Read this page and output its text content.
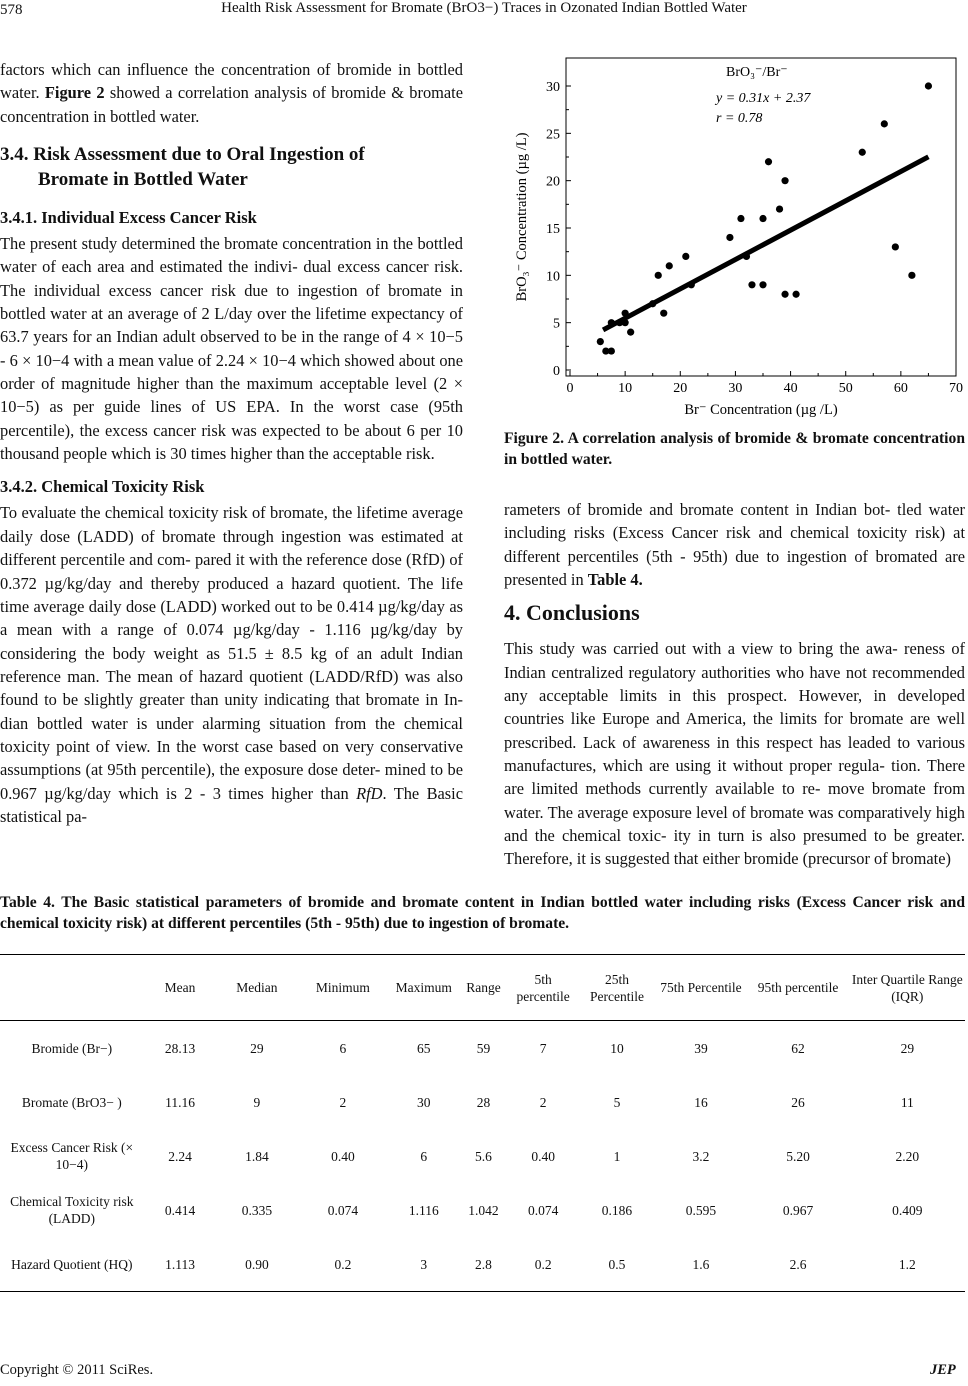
578	Health Risk Assessment for Bromate (BrO3−) Traces in Ozonated Indian Bottled Water

factors which can influence the concentration of bromide in bottled water. Figure 2 showed a correlation analysis of bromide & bromate concentration in bottled water.

3.4. Risk Assessment due to Oral Ingestion of
Bromate in Bottled Water
3.4.1. Individual Excess Cancer Risk

The present study determined the bromate concentration in the bottled water of each area and estimated the indivi- dual excess cancer risk. The individual excess cancer risk due to ingestion of bromate in bottled water at an average of 2 L/day over the lifetime expectancy of 63.7 years for an Indian adult observed to be in the range of 4 × 10−5 - 6 × 10−4 with a mean value of 2.24 × 10−4 which showed about one order of magnitude higher than the maximum acceptable level (2 × 10−5) as per guide lines of US EPA. In the worst case (95th percentile), the excess cancer risk was expected to be about 6 per 10 thousand people which is 30 times higher than the acceptable risk.

3.4.2. Chemical Toxicity Risk

To evaluate the chemical toxicity risk of bromate, the lifetime average daily dose (LADD) of bromate through ingestion was estimated at different percentile and com- pared it with the reference dose (RfD) of 0.372 µg/kg/day and thereby produced a hazard quotient. The life time average daily dose (LADD) worked out to be 0.414 µg/kg/day as a mean with a range of 0.074 µg/kg/day - 1.116 µg/kg/day by considering the body weight as 51.5 ± 8.5 kg of an adult Indian reference man. The mean of hazard quotient (LADD/RfD) was also found to be slightly greater than unity indicating that bromate in In- dian bottled water is under alarming situation from the chemical toxicity point of view. In the worst case based on very conservative assumptions (at 95th percentile), the exposure dose deter- mined to be 0.967 µg/kg/day which is 2 - 3 times higher than RfD. The Basic statistical pa-

0	10	20	30	40	50	60	70
0
5
10
15
20
25
30
BrO₃⁻/Br⁻
y = 0.31x + 2.37
r = 0.78
Br⁻ Concentration (µg /L)
BrO₃⁻ Concentration (µg /L)
Figure 2. A correlation analysis of bromide & bromate concentration in bottled water.

rameters of bromide and bromate content in Indian bot- tled water including risks (Excess Cancer risk and chemical toxicity risk) at different percentiles (5th - 95th) due to ingestion of bromated are presented in Table 4.

4. Conclusions

This study was carried out with a view to bring the awa- reness of Indian centralized regulatory authorities who have not recommended any acceptable limits in this prospect. However, in developed countries like Europe and America, the limits for bromate are well prescribed. Lack of awareness in this respect has leaded to various manufactures, which are using it without proper regula- tion. There are limited methods currently available to re- move bromate from water. The average exposure level of bromate was comparatively high and the chemical toxic- ity in turn is also presumed to be greater. Therefore, it is suggested that either bromide (precursor of bromate)

Table 4. The Basic statistical parameters of bromide and bromate content in Indian bottled water including risks (Excess Cancer risk and chemical toxicity risk) at different percentiles (5th - 95th) due to ingestion of bromate.
	Mean	Median	Minimum	Maximum	Range	5th percentile	25th Percentile	75th Percentile	95th percentile	Inter Quartile Range (IQR)
Bromide (Br−)	28.13	29	6	65	59	7	10	39	62	29
Bromate (BrO3− )	11.16	9	2	30	28	2	5	16	26	11
Excess Cancer Risk (× 10−4)	2.24	1.84	0.40	6	5.6	0.40	1	3.2	5.20	2.20
Chemical Toxicity risk (LADD)	0.414	0.335	0.074	1.116	1.042	0.074	0.186	0.595	0.967	0.409
Hazard Quotient (HQ)	1.113	0.90	0.2	3	2.8	0.2	0.5	1.6	2.6	1.2
Copyright © 2011 SciRes.	JEP
